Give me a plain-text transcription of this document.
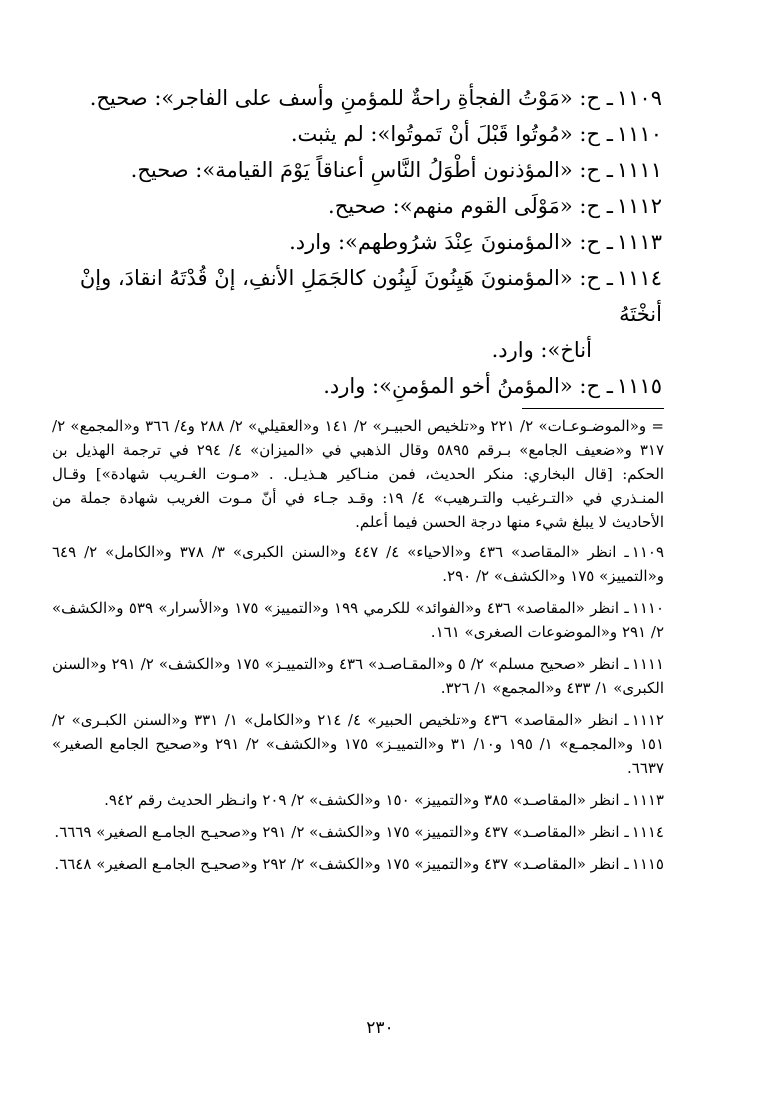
١١٠٩ـ ح: «مَوْتُ الفجأةِ راحةٌ للمؤمنِ وأسف على الفاجر»: صحيح.

١١١٠ـ ح: «مُوتُوا قَبْلَ أنْ تَموتُوا»: لم يثبت.

١١١١ـ ح: «المؤذنون أطْوَلُ النَّاسِ أعناقاً يَوْمَ القيامة»: صحيح.

١١١٢ـ ح: «مَوْلَى القوم منهم»: صحيح.

١١١٣ـ ح: «المؤمنونَ عِنْدَ شرُوطهم»: وارد.

١١١٤ـ ح: «المؤمنونَ هَيِنُونَ لَيِنُون كالجَمَلِ الأنفِ، إنْ قُدْتَهُ انقادَ، وإنْ أنخْتَهُ
أناخ»: وارد.

١١١٥ـ ح: «المؤمنُ أخو المؤمنِ»: وارد.

= و«الموضـوعـات» ٢/ ٢٢١ و«تلخيص الحبيـر» ٢/ ١٤١ و«العقيلي» ٢/ ٢٨٨ و٤/ ٣٦٦ و«المجمع» ٢/ ٣١٧ و«ضعيف الجامع» بـرقم ٥٨٩٥ وقال الذهبي في «الميزان» ٤/ ٢٩٤ في ترجمة الهذيل بن الحكم: [قال البخاري: منكر الحديث، فمن منـاكير هـذيـل. . «مـوت الغـريب شهادة»] وقـال المنـذري في «التـرغيب والتـرهيب» ٤/ ١٩: وقـد جـاء في أنّ مـوت الغريب شهادة جملة من الأحاديث لا يبلغ شيء منها درجة الحسن فيما أعلم.

١١٠٩ـ انظر «المقاصد» ٤٣٦ و«الاحياء» ٤/ ٤٤٧ و«السنن الكبرى» ٣/ ٣٧٨ و«الكامل» ٢/ ٦٤٩ و«التمييز» ١٧٥ و«الكشف» ٢/ ٢٩٠.

١١١٠ـ انظر «المقاصد» ٤٣٦ و«الفوائد» للكرمي ١٩٩ و«التمييز» ١٧٥ و«الأسرار» ٥٣٩ و«الكشف» ٢/ ٢٩١ و«الموضوعات الصغرى» ١٦١.

١١١١ـ انظر «صحيح مسلم» ٢/ ٥ و«المقـاصـد» ٤٣٦ و«التمييـز» ١٧٥ و«الكشف» ٢/ ٢٩١ و«السنن الكبرى» ١/ ٤٣٣ و«المجمع» ١/ ٣٢٦.

١١١٢ـ انظر «المقاصد» ٤٣٦ و«تلخيص الحبير» ٤/ ٢١٤ و«الكامل» ١/ ٣٣١ و«السنن الكبـرى» ٢/ ١٥١ و«المجمـع» ١/ ١٩٥ و١٠/ ٣١ و«التمييـز» ١٧٥ و«الكشف» ٢/ ٢٩١ و«صحيح الجامع الصغير» ٦٦٣٧.

١١١٣ـ انظر «المقاصـد» ٣٨٥ و«التمييز» ١٥٠ و«الكشف» ٢/ ٢٠٩ وانـظر الحديث رقم ٩٤٢.

١١١٤ـ انظر «المقاصـد» ٤٣٧ و«التمييز» ١٧٥ و«الكشف» ٢/ ٢٩١ و«صحيـح الجامـع الصغير» ٦٦٦٩.

١١١٥ـ انظر «المقاصـد» ٤٣٧ و«التمييز» ١٧٥ و«الكشف» ٢/ ٢٩٢ و«صحيـح الجامـع الصغير» ٦٦٤٨.

٢٣٠
